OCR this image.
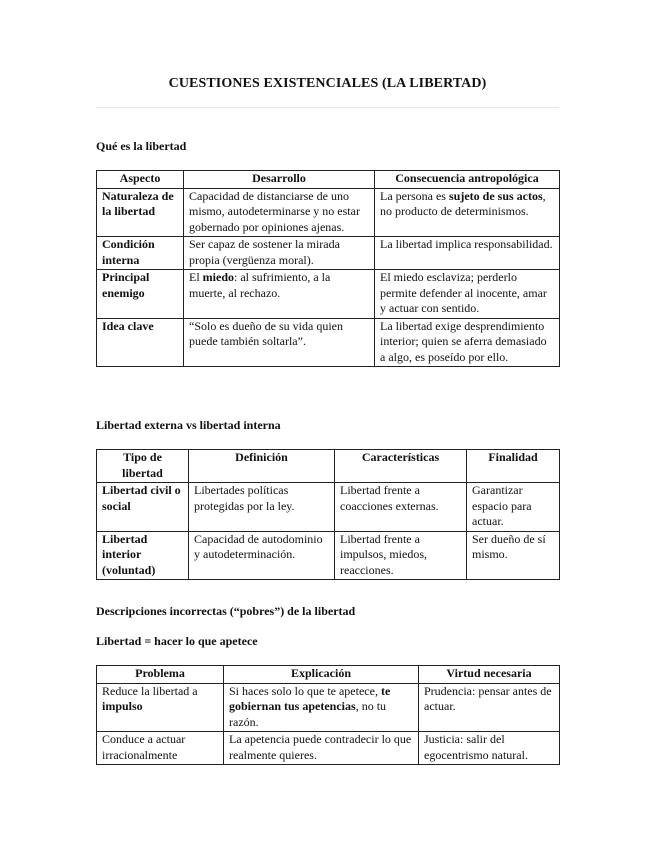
CUESTIONES EXISTENCIALES (LA LIBERTAD)
Qué es la libertad
Aspecto	Desarrollo	Consecuencia antropológica
Naturaleza de la libertad	Capacidad de distanciarse de uno mismo, autodeterminarse y no estar gobernado por opiniones ajenas.	La persona es sujeto de sus actos, no producto de determinismos.
Condición interna	Ser capaz de sostener la mirada propia (vergüenza moral).	La libertad implica responsabilidad.
Principal enemigo	El miedo: al sufrimiento, a la muerte, al rechazo.	El miedo esclaviza; perderlo permite defender al inocente, amar y actuar con sentido.
Idea clave	“Solo es dueño de su vida quien puede también soltarla”.	La libertad exige desprendimiento interior; quien se aferra demasiado a algo, es poseído por ello.
Libertad externa vs libertad interna
Tipo de libertad	Definición	Características	Finalidad
Libertad civil o social	Libertades políticas protegidas por la ley.	Libertad frente a coacciones externas.	Garantizar espacio para actuar.
Libertad interior (voluntad)	Capacidad de autodominio y autodeterminación.	Libertad frente a impulsos, miedos, reacciones.	Ser dueño de sí mismo.
Descripciones incorrectas (“pobres”) de la libertad
Libertad = hacer lo que apetece
Problema	Explicación	Virtud necesaria
Reduce la libertad a impulso	Si haces solo lo que te apetece, te gobiernan tus apetencias, no tu razón.	Prudencia: pensar antes de actuar.
Conduce a actuar irracionalmente	La apetencia puede contradecir lo que realmente quieres.	Justicia: salir del egocentrismo natural.
